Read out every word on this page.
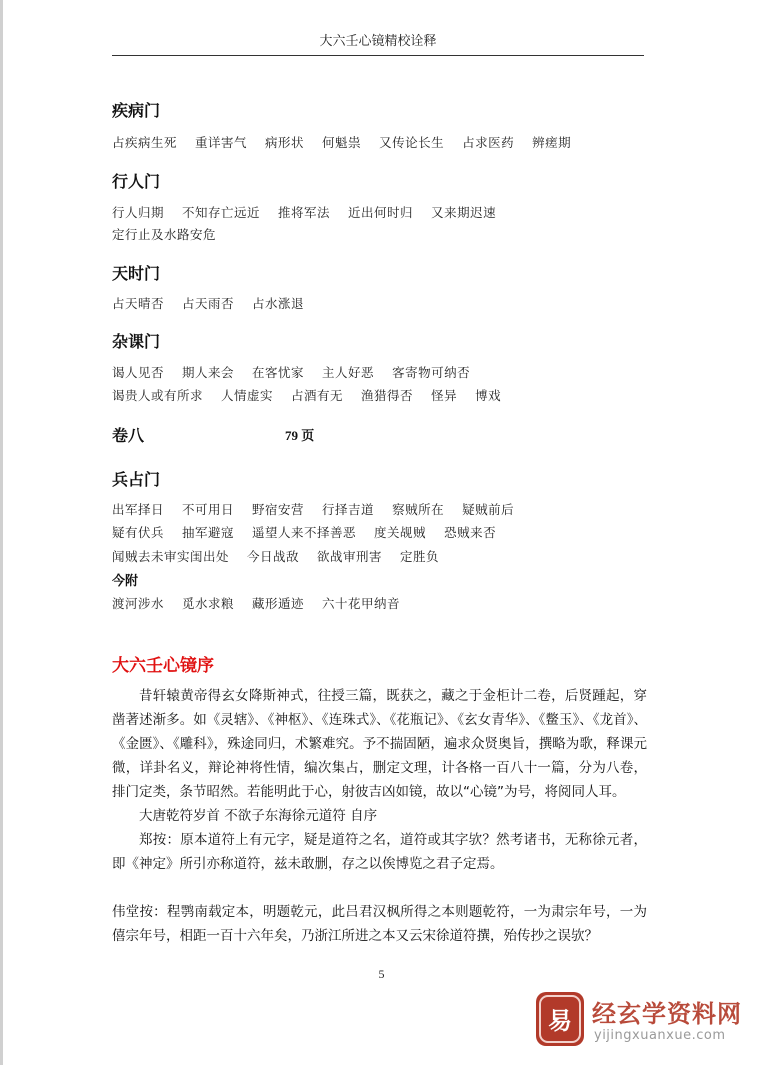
大六壬心镜精校诠释
疾病门
占疾病生死 重详害气 病形状 何魁祟 又传论长生 占求医药 辨瘥期
行人门
行人归期 不知存亡远近 推将军法 近出何时归 又来期迟速
定行止及水路安危
天时门
占天晴否 占天雨否 占水涨退
杂课门
谒人见否 期人来会 在客忧家 主人好恶 客寄物可纳否
谒贵人或有所求 人情虚实 占酒有无 渔猎得否 怪异 博戏
卷八	79 页
兵占门
出军择日 不可用日 野宿安营 行择吉道 察贼所在 疑贼前后
疑有伏兵 抽军避寇 遥望人来不择善恶 度关觇贼 恐贼来否
闻贼去未审实闺出处 今日战敌 欲战审刑害 定胜负
今附
渡河涉水 觅水求粮 藏形遁迹 六十花甲纳音
大六壬心镜序
昔轩辕黄帝得玄女降斯神式，往授三篇，既获之，藏之于金柜计二卷，后贤踵起，穿凿著述渐多。如《灵辖》、《神枢》、《连珠式》、《花瓶记》、《玄女青华》、《鳖玉》、《龙首》、《金匮》、《雕科》，殊途同归，术繁难究。予不揣固陋，遍求众贤奥旨，撰略为歌，释课元微，详卦名义，辩论神将性情，编次集占，删定文理，计各格一百八十一篇，分为八卷，排门定类，条节昭然。若能明此于心，射彼吉凶如镜，故以“心镜”为号，将阅同人耳。
大唐乾符岁首 不欲子东海徐元道符 自序
郑按：原本道符上有元字，疑是道符之名，道符或其字欤？然考诸书，无称徐元者，即《神定》所引亦称道符，兹未敢删，存之以俟博览之君子定焉。
伟堂按：程鹗南载定本，明题乾元，此吕君汉枫所得之本则题乾符，一为肃宗年号，一为僖宗年号，相距一百十六年矣，乃浙江所进之本又云宋徐道符撰，殆传抄之误欤？
5
易 经玄学资料网
yijingxuanxue.com
